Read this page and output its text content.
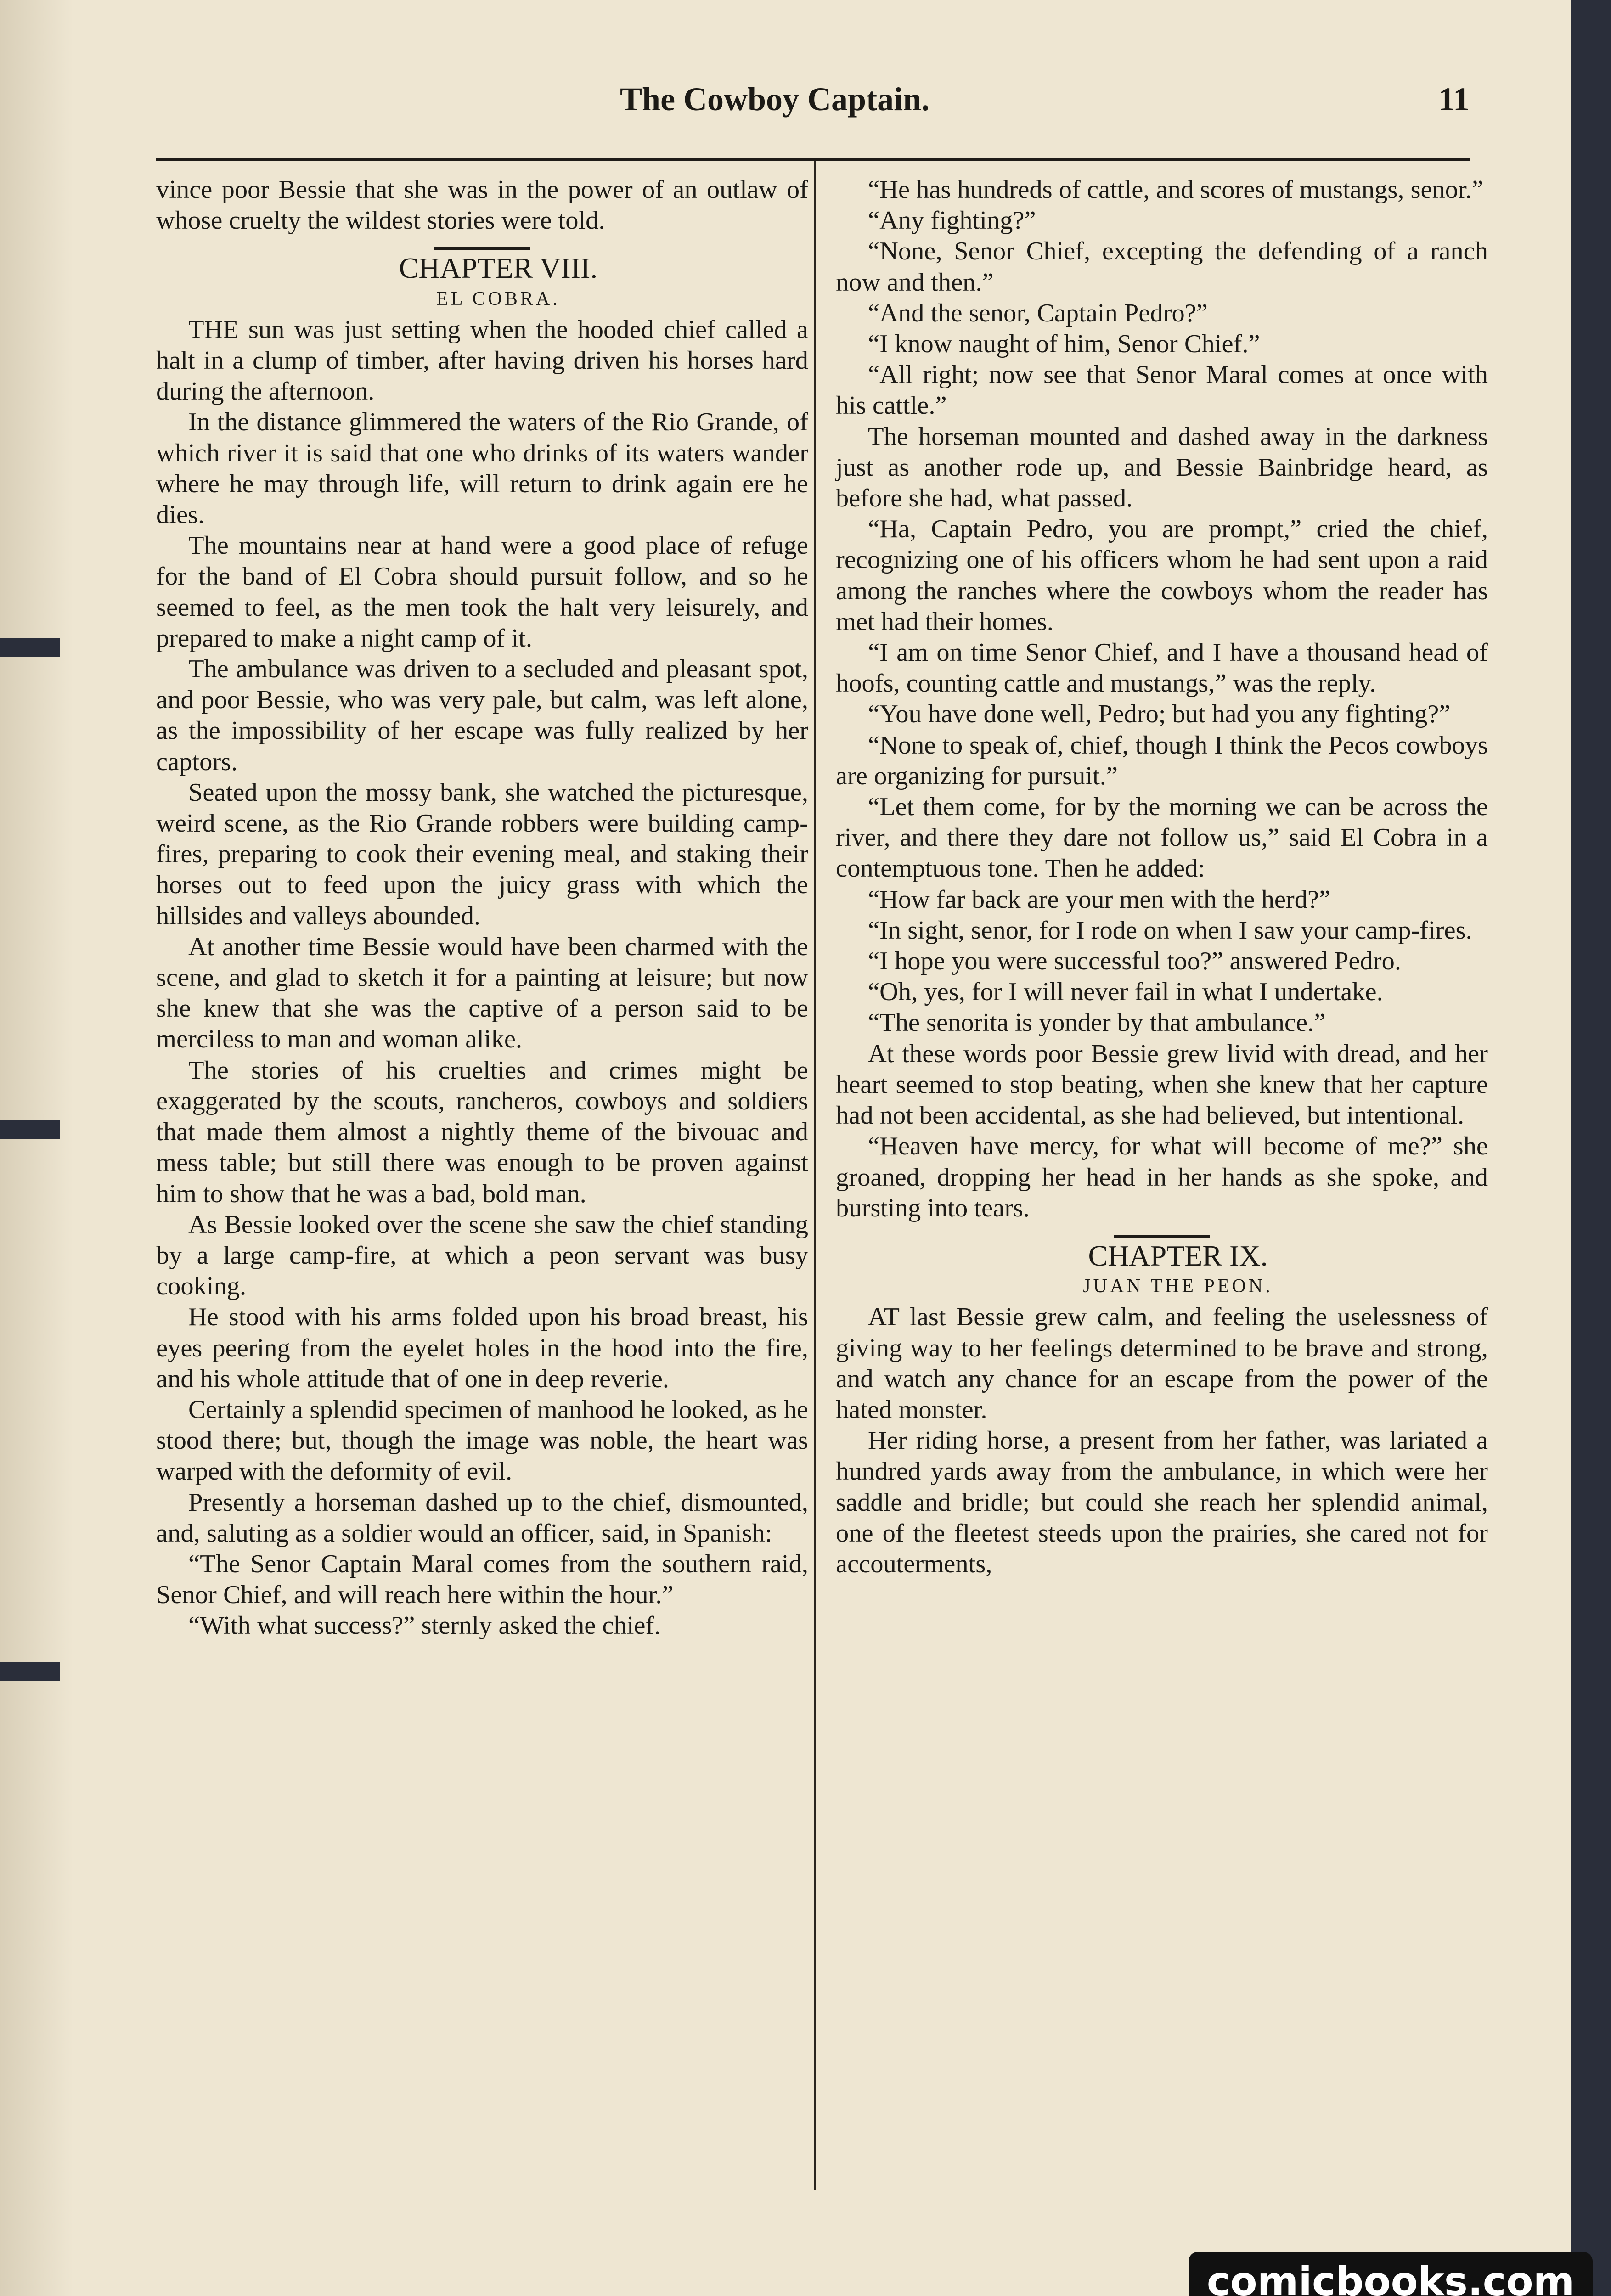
The Cowboy Captain.	11

vince poor Bessie that she was in the power of an outlaw of whose cruelty the wildest stories were told.

CHAPTER VIII.

EL COBRA.

THE sun was just setting when the hooded chief called a halt in a clump of timber, after having driven his horses hard during the afternoon.

In the distance glimmered the waters of the Rio Grande, of which river it is said that one who drinks of its waters wander where he may through life, will return to drink again ere he dies.

The mountains near at hand were a good place of refuge for the band of El Cobra should pursuit follow, and so he seemed to feel, as the men took the halt very leisurely, and prepared to make a night camp of it.

The ambulance was driven to a secluded and pleasant spot, and poor Bessie, who was very pale, but calm, was left alone, as the impossibility of her escape was fully realized by her captors.

Seated upon the mossy bank, she watched the picturesque, weird scene, as the Rio Grande robbers were building camp-fires, preparing to cook their evening meal, and staking their horses out to feed upon the juicy grass with which the hillsides and valleys abounded.

At another time Bessie would have been charmed with the scene, and glad to sketch it for a painting at leisure; but now she knew that she was the captive of a person said to be merciless to man and woman alike.

The stories of his cruelties and crimes might be exaggerated by the scouts, rancheros, cowboys and soldiers that made them almost a nightly theme of the bivouac and mess table; but still there was enough to be proven against him to show that he was a bad, bold man.

As Bessie looked over the scene she saw the chief standing by a large camp-fire, at which a peon servant was busy cooking.

He stood with his arms folded upon his broad breast, his eyes peering from the eyelet holes in the hood into the fire, and his whole attitude that of one in deep reverie.

Certainly a splendid specimen of manhood he looked, as he stood there; but, though the image was noble, the heart was warped with the deformity of evil.

Presently a horseman dashed up to the chief, dismounted, and, saluting as a soldier would an officer, said, in Spanish:

“The Senor Captain Maral comes from the southern raid, Senor Chief, and will reach here within the hour.”

“With what success?” sternly asked the chief.

“He has hundreds of cattle, and scores of mustangs, senor.”

“Any fighting?”

“None, Senor Chief, excepting the defending of a ranch now and then.”

“And the senor, Captain Pedro?”

“I know naught of him, Senor Chief.”

“All right; now see that Senor Maral comes at once with his cattle.”

The horseman mounted and dashed away in the darkness just as another rode up, and Bessie Bainbridge heard, as before she had, what passed.

“Ha, Captain Pedro, you are prompt,” cried the chief, recognizing one of his officers whom he had sent upon a raid among the ranches where the cowboys whom the reader has met had their homes.

“I am on time Senor Chief, and I have a thousand head of hoofs, counting cattle and mustangs,” was the reply.

“You have done well, Pedro; but had you any fighting?”

“None to speak of, chief, though I think the Pecos cowboys are organizing for pursuit.”

“Let them come, for by the morning we can be across the river, and there they dare not follow us,” said El Cobra in a contemptuous tone. Then he added:

“How far back are your men with the herd?”

“In sight, senor, for I rode on when I saw your camp-fires.

“I hope you were successful too?” answered Pedro.

“Oh, yes, for I will never fail in what I undertake.

“The senorita is yonder by that ambulance.”

At these words poor Bessie grew livid with dread, and her heart seemed to stop beating, when she knew that her capture had not been accidental, as she had believed, but intentional.

“Heaven have mercy, for what will become of me?” she groaned, dropping her head in her hands as she spoke, and bursting into tears.

CHAPTER IX.

JUAN THE PEON.

AT last Bessie grew calm, and feeling the uselessness of giving way to her feelings determined to be brave and strong, and watch any chance for an escape from the power of the hated monster.

Her riding horse, a present from her father, was lariated a hundred yards away from the ambulance, in which were her saddle and bridle; but could she reach her splendid animal, one of the fleetest steeds upon the prairies, she cared not for accouterments,

comicbooks.com
